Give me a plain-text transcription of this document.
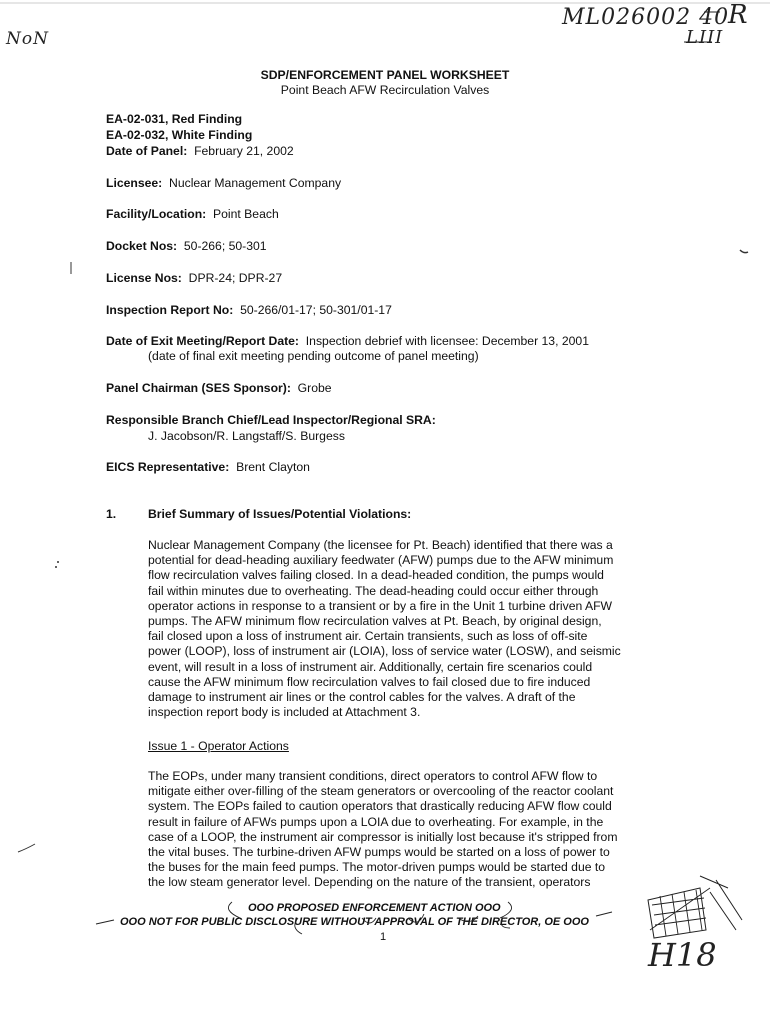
NoN
ML026002 40
R
LIII
SDP/ENFORCEMENT PANEL WORKSHEET
Point Beach AFW Recirculation Valves
EA-02-031, Red Finding
EA-02-032, White Finding
Date of Panel: February 21, 2002
Licensee: Nuclear Management Company
Facility/Location: Point Beach
Docket Nos: 50-266; 50-301
License Nos: DPR-24; DPR-27
Inspection Report No: 50-266/01-17; 50-301/01-17
Date of Exit Meeting/Report Date: Inspection debrief with licensee: December 13, 2001
(date of final exit meeting pending outcome of panel meeting)
Panel Chairman (SES Sponsor): Grobe
Responsible Branch Chief/Lead Inspector/Regional SRA:
J. Jacobson/R. Langstaff/S. Burgess
EICS Representative: Brent Clayton
1.	Brief Summary of Issues/Potential Violations:
Nuclear Management Company (the licensee for Pt. Beach) identified that there was a
potential for dead-heading auxiliary feedwater (AFW) pumps due to the AFW minimum
flow recirculation valves failing closed. In a dead-headed condition, the pumps would
fail within minutes due to overheating. The dead-heading could occur either through
operator actions in response to a transient or by a fire in the Unit 1 turbine driven AFW
pumps. The AFW minimum flow recirculation valves at Pt. Beach, by original design,
fail closed upon a loss of instrument air. Certain transients, such as loss of off-site
power (LOOP), loss of instrument air (LOIA), loss of service water (LOSW), and seismic
event, will result in a loss of instrument air. Additionally, certain fire scenarios could
cause the AFW minimum flow recirculation valves to fail closed due to fire induced
damage to instrument air lines or the control cables for the valves. A draft of the
inspection report body is included at Attachment 3.
Issue 1 - Operator Actions
The EOPs, under many transient conditions, direct operators to control AFW flow to
mitigate either over-filling of the steam generators or overcooling of the reactor coolant
system. The EOPs failed to caution operators that drastically reducing AFW flow could
result in failure of AFWs pumps upon a LOIA due to overheating. For example, in the
case of a LOOP, the instrument air compressor is initially lost because it's stripped from
the vital buses. The turbine-driven AFW pumps would be started on a loss of power to
the buses for the main feed pumps. The motor-driven pumps would be started due to
the low steam generator level. Depending on the nature of the transient, operators
OOO PROPOSED ENFORCEMENT ACTION OOO
OOO NOT FOR PUBLIC DISCLOSURE WITHOUT APPROVAL OF THE DIRECTOR, OE OOO
1	H18
